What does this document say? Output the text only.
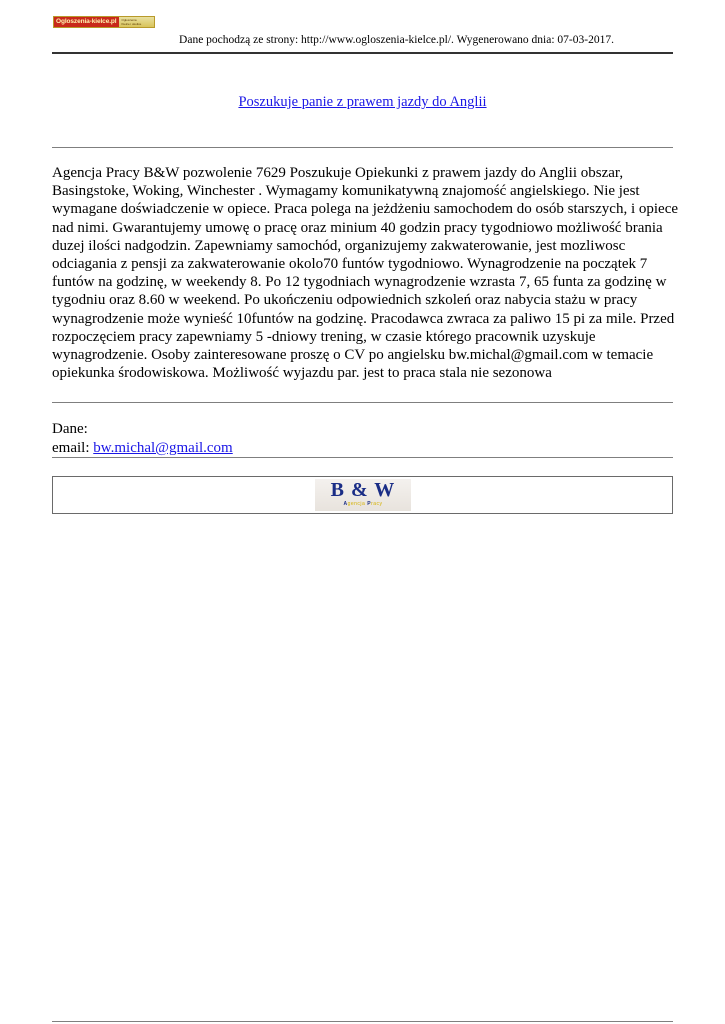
Ogloszenia-kielce.pl	Ogłoszenia
Kielce i okolice
Dane pochodzą ze strony: http://www.ogloszenia-kielce.pl/. Wygenerowano dnia: 07-03-2017.
Poszukuje panie z prawem jazdy do Anglii
Agencja Pracy B&W pozwolenie 7629 Poszukuje Opiekunki z prawem jazdy do Anglii obszar,
Basingstoke, Woking, Winchester . Wymagamy komunikatywną znajomość angielskiego. Nie jest
wymagane doświadczenie w opiece. Praca polega na jeżdżeniu samochodem do osób starszych, i opiece
nad nimi. Gwarantujemy umowę o pracę oraz minium 40 godzin pracy tygodniowo możliwość brania
duzej ilości nadgodzin. Zapewniamy samochód, organizujemy zakwaterowanie, jest mozliwosc
odciagania z pensji za zakwaterowanie okolo70 funtów tygodniowo. Wynagrodzenie na początek 7
funtów na godzinę, w weekendy 8. Po 12 tygodniach wynagrodzenie wzrasta 7, 65 funta za godzinę w
tygodniu oraz 8.60 w weekend. Po ukończeniu odpowiednich szkoleń oraz nabycia stażu w pracy
wynagrodzenie może wynieść 10funtów na godzinę. Pracodawca zwraca za paliwo 15 pi za mile. Przed
rozpoczęciem pracy zapewniamy 5 -dniowy trening, w czasie którego pracownik uzyskuje
wynagrodzenie. Osoby zainteresowane proszę o CV po angielsku bw.michal@gmail.com w temacie
opiekunka środowiskowa. Możliwość wyjazdu par. jest to praca stala nie sezonowa
Dane:
email: bw.michal@gmail.com
B & W
Agencja Pracy
